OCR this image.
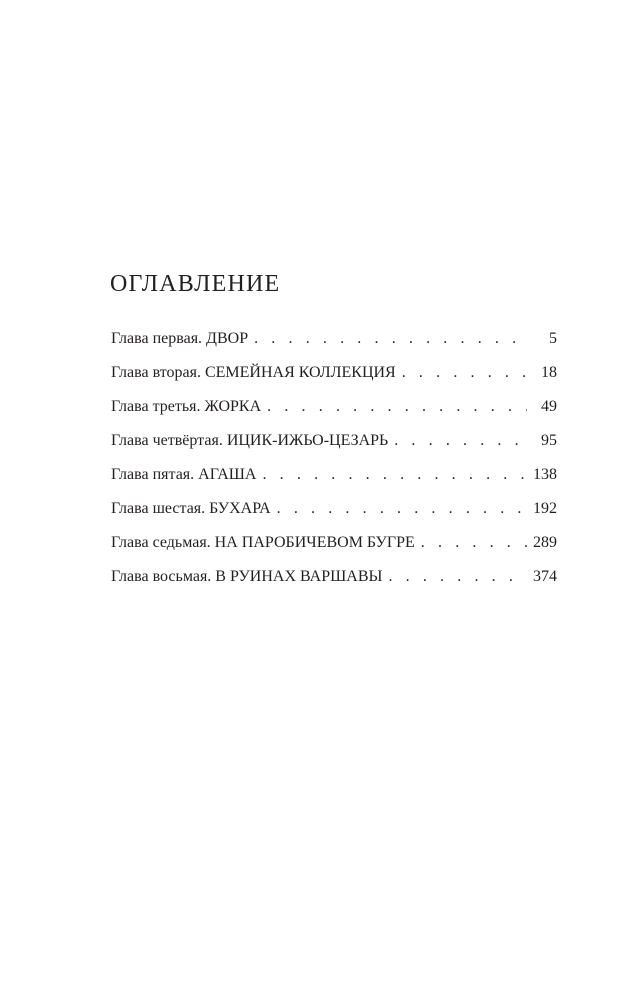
ОГЛАВЛЕНИЕ
Глава первая. ДВОР . . .	5
Глава вторая. СЕМЕЙНАЯ КОЛЛЕКЦИЯ . . .	18
Глава третья. ЖОРКА . . .	49
Глава четвёртая. ИЦИК-ИЖЬО-ЦЕЗАРЬ . . .	95
Глава пятая. АГАША . . .	138
Глава шестая. БУХАРА . . .	192
Глава седьмая. НА ПАРОБИЧЕВОМ БУГРЕ . . .	289
Глава восьмая. В РУИНАХ ВАРШАВЫ . . .	374
